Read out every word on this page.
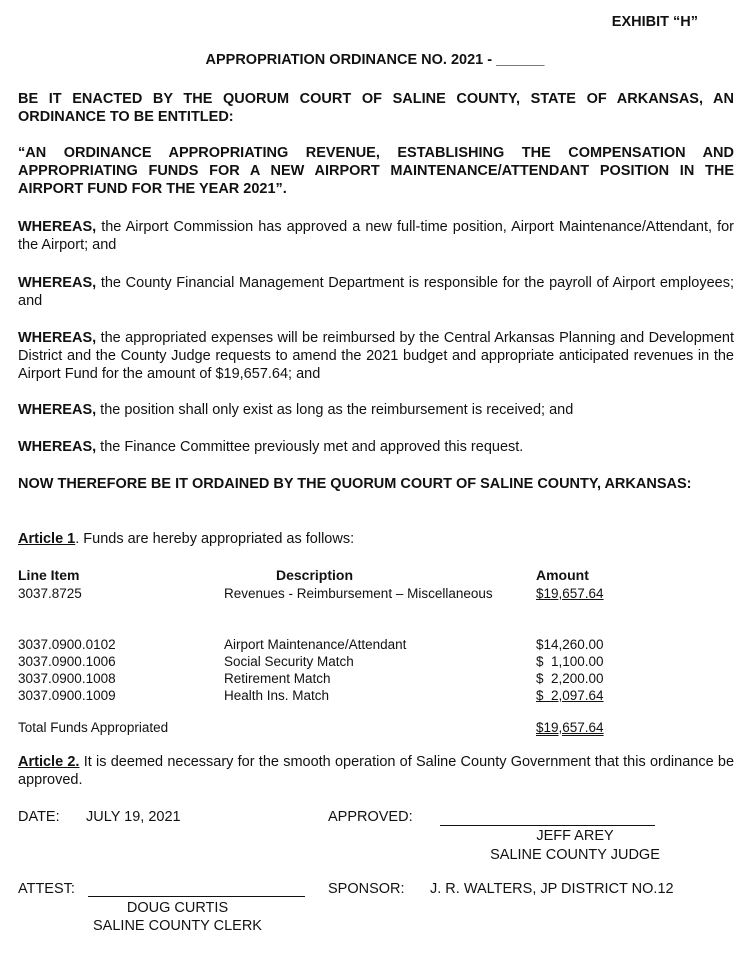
EXHIBIT “H”
APPROPRIATION ORDINANCE NO. 2021 - ______
BE IT ENACTED BY THE QUORUM COURT OF SALINE COUNTY, STATE OF ARKANSAS, AN ORDINANCE TO BE ENTITLED:
“AN ORDINANCE APPROPRIATING REVENUE, ESTABLISHING THE COMPENSATION AND APPROPRIATING FUNDS FOR A NEW AIRPORT MAINTENANCE/ATTENDANT POSITION IN THE AIRPORT FUND FOR THE YEAR 2021”.
WHEREAS, the Airport Commission has approved a new full-time position, Airport Maintenance/Attendant, for the Airport; and
WHEREAS, the County Financial Management Department is responsible for the payroll of Airport employees; and
WHEREAS, the appropriated expenses will be reimbursed by the Central Arkansas Planning and Development District and the County Judge requests to amend the 2021 budget and appropriate anticipated revenues in the Airport Fund for the amount of $19,657.64; and
WHEREAS, the position shall only exist as long as the reimbursement is received; and
WHEREAS, the Finance Committee previously met and approved this request.
NOW THEREFORE BE IT ORDAINED BY THE QUORUM COURT OF SALINE COUNTY, ARKANSAS:
Article 1. Funds are hereby appropriated as follows:
Line Item	Description	Amount
3037.8725	Revenues - Reimbursement – Miscellaneous	$19,657.64
3037.0900.0102	Airport Maintenance/Attendant	$14,260.00
3037.0900.1006	Social Security Match	$  1,100.00
3037.0900.1008	Retirement Match	$  2,200.00
3037.0900.1009	Health Ins. Match	$  2,097.64
Total Funds Appropriated	$19,657.64
Article 2. It is deemed necessary for the smooth operation of Saline County Government that this ordinance be approved.
DATE: JULY 19, 2021	APPROVED:
JEFF AREY
SALINE COUNTY JUDGE
ATTEST:
DOUG CURTIS
SALINE COUNTY CLERK
SPONSOR: J. R. WALTERS, JP DISTRICT NO.12
